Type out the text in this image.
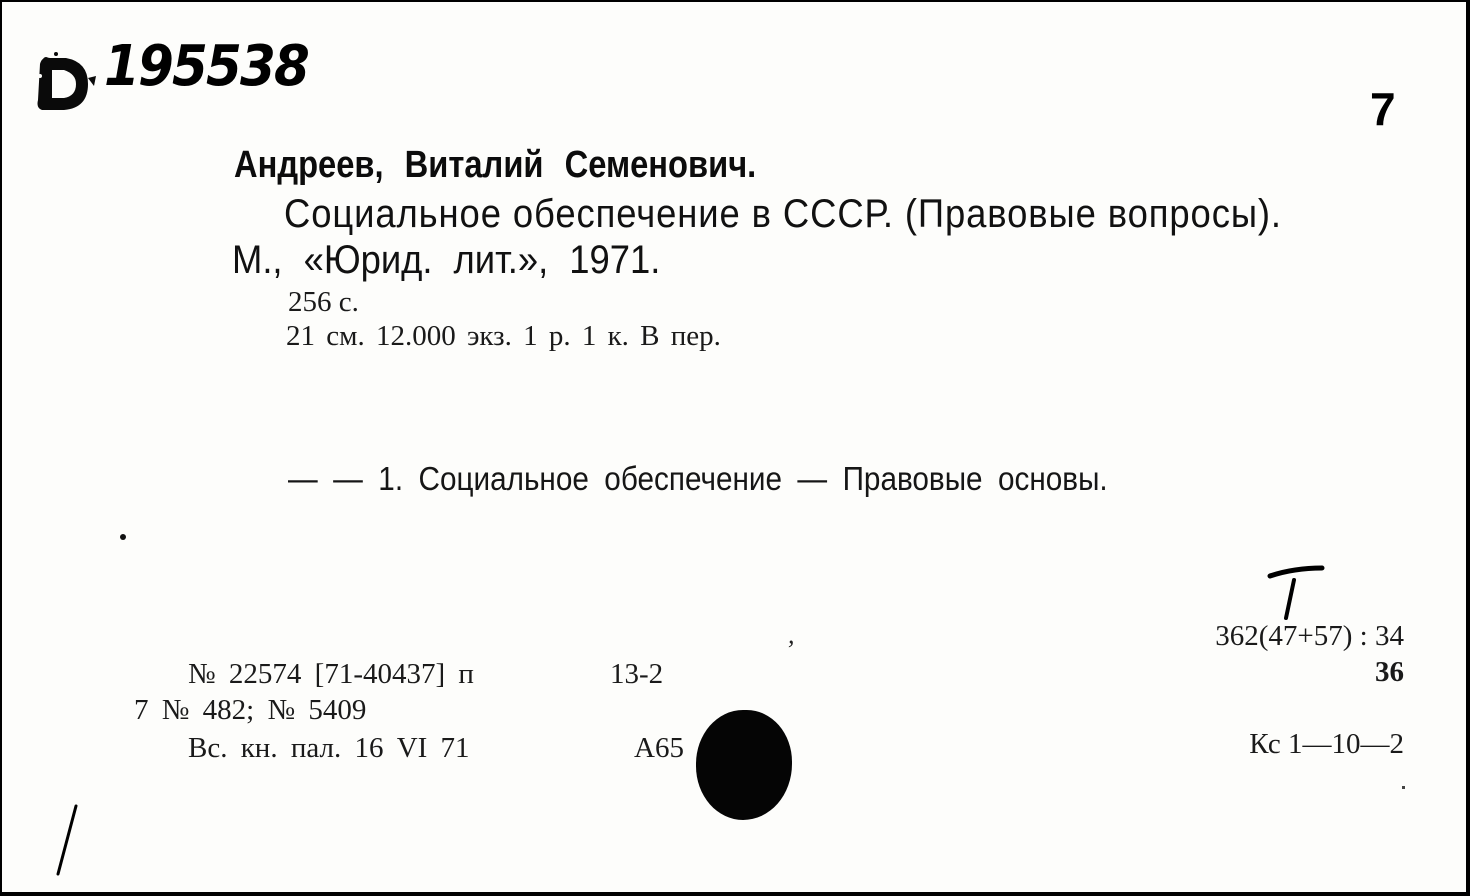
195538
7
Андреев, Виталий Семенович.
Социальное обеспечение в СССР. (Правовые вопросы).
М., «Юрид. лит.», 1971.
256 с.
21 см. 12.000 экз. 1 р. 1 к. В пер.
— — 1. Социальное обеспечение — Правовые основы.
,
№ 22574 [71-40437] п	13-2
7 № 482; № 5409
Вс. кн. пал. 16 VI 71	А65
362(47+57) : 34
36
Кс 1—10—2
